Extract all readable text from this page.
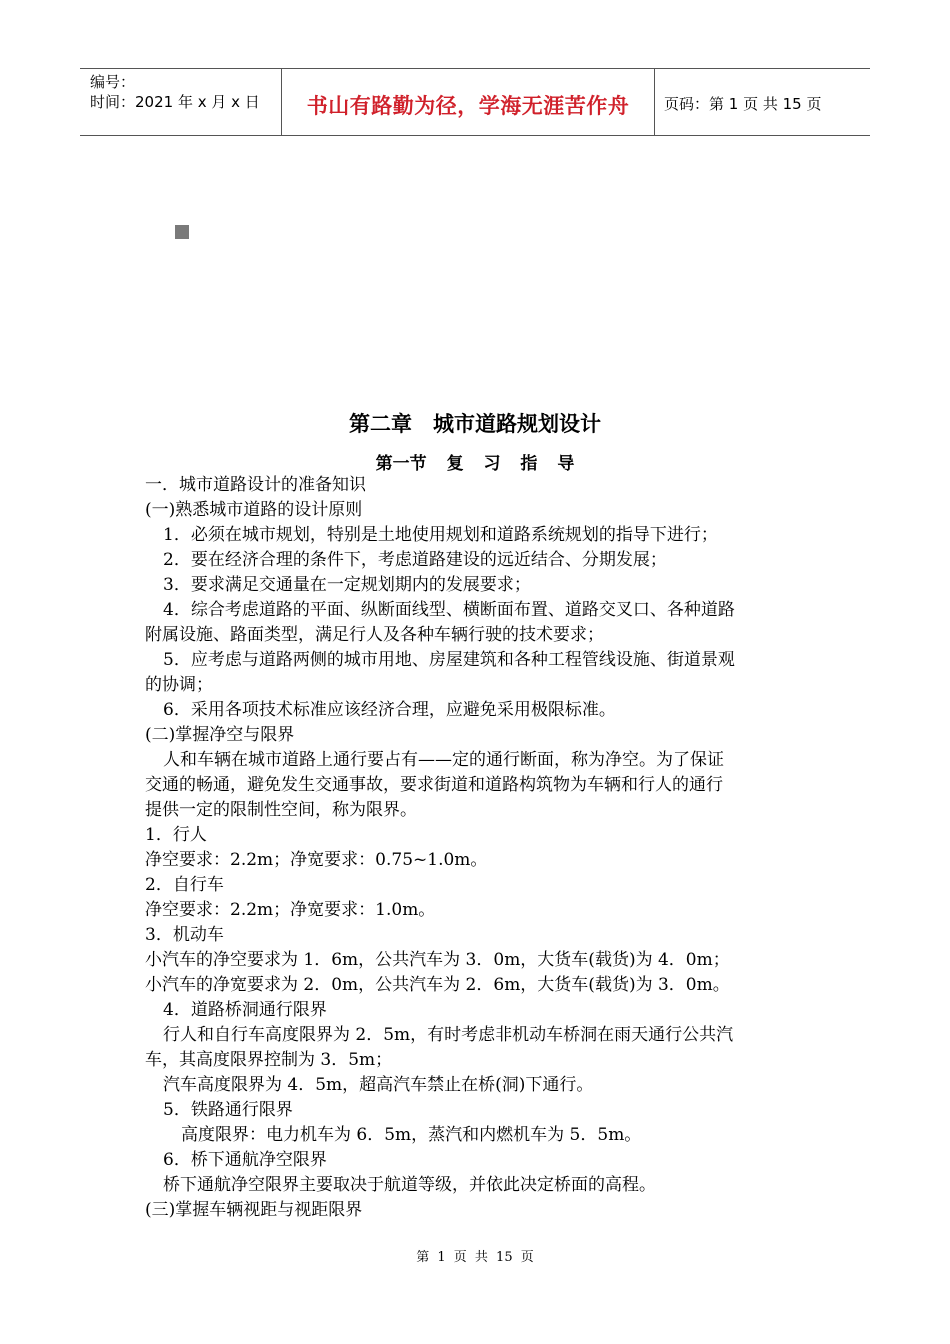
编号：
时间：2021 年 x 月 x 日	书山有路勤为径，学海无涯苦作舟	页码：第 1 页 共 15 页
第二章　城市道路规划设计
第一节 复 习 指 导

一．城市道路设计的准备知识

(一)熟悉城市道路的设计原则

1．必须在城市规划，特别是土地使用规划和道路系统规划的指导下进行；

2．要在经济合理的条件下，考虑道路建设的远近结合、分期发展；

3．要求满足交通量在一定规划期内的发展要求；

4．综合考虑道路的平面、纵断面线型、横断面布置、道路交叉口、各种道路

附属设施、路面类型，满足行人及各种车辆行驶的技术要求；

5．应考虑与道路两侧的城市用地、房屋建筑和各种工程管线设施、街道景观

的协调；

6．采用各项技术标准应该经济合理，应避免采用极限标准。

(二)掌握净空与限界

人和车辆在城市道路上通行要占有——定的通行断面，称为净空。为了保证

交通的畅通，避免发生交通事故，要求街道和道路构筑物为车辆和行人的通行

提供一定的限制性空间，称为限界。

1．行人

净空要求：2.2m；净宽要求：0.75~1.0m。

2．自行车

净空要求：2.2m；净宽要求：1.0m。

3．机动车

小汽车的净空要求为 1．6m，公共汽车为 3．0m，大货车(载货)为 4．0m；

小汽车的净宽要求为 2．0m，公共汽车为 2．6m，大货车(载货)为 3．0m。

4．道路桥洞通行限界

行人和自行车高度限界为 2．5m，有时考虑非机动车桥洞在雨天通行公共汽

车，其高度限界控制为 3．5m；

汽车高度限界为 4．5m，超高汽车禁止在桥(洞)下通行。

5．铁路通行限界

高度限界：电力机车为 6．5m，蒸汽和内燃机车为 5．5m。

6．桥下通航净空限界

桥下通航净空限界主要取决于航道等级，并依此决定桥面的高程。

(三)掌握车辆视距与视距限界

第 1 页 共 15 页
